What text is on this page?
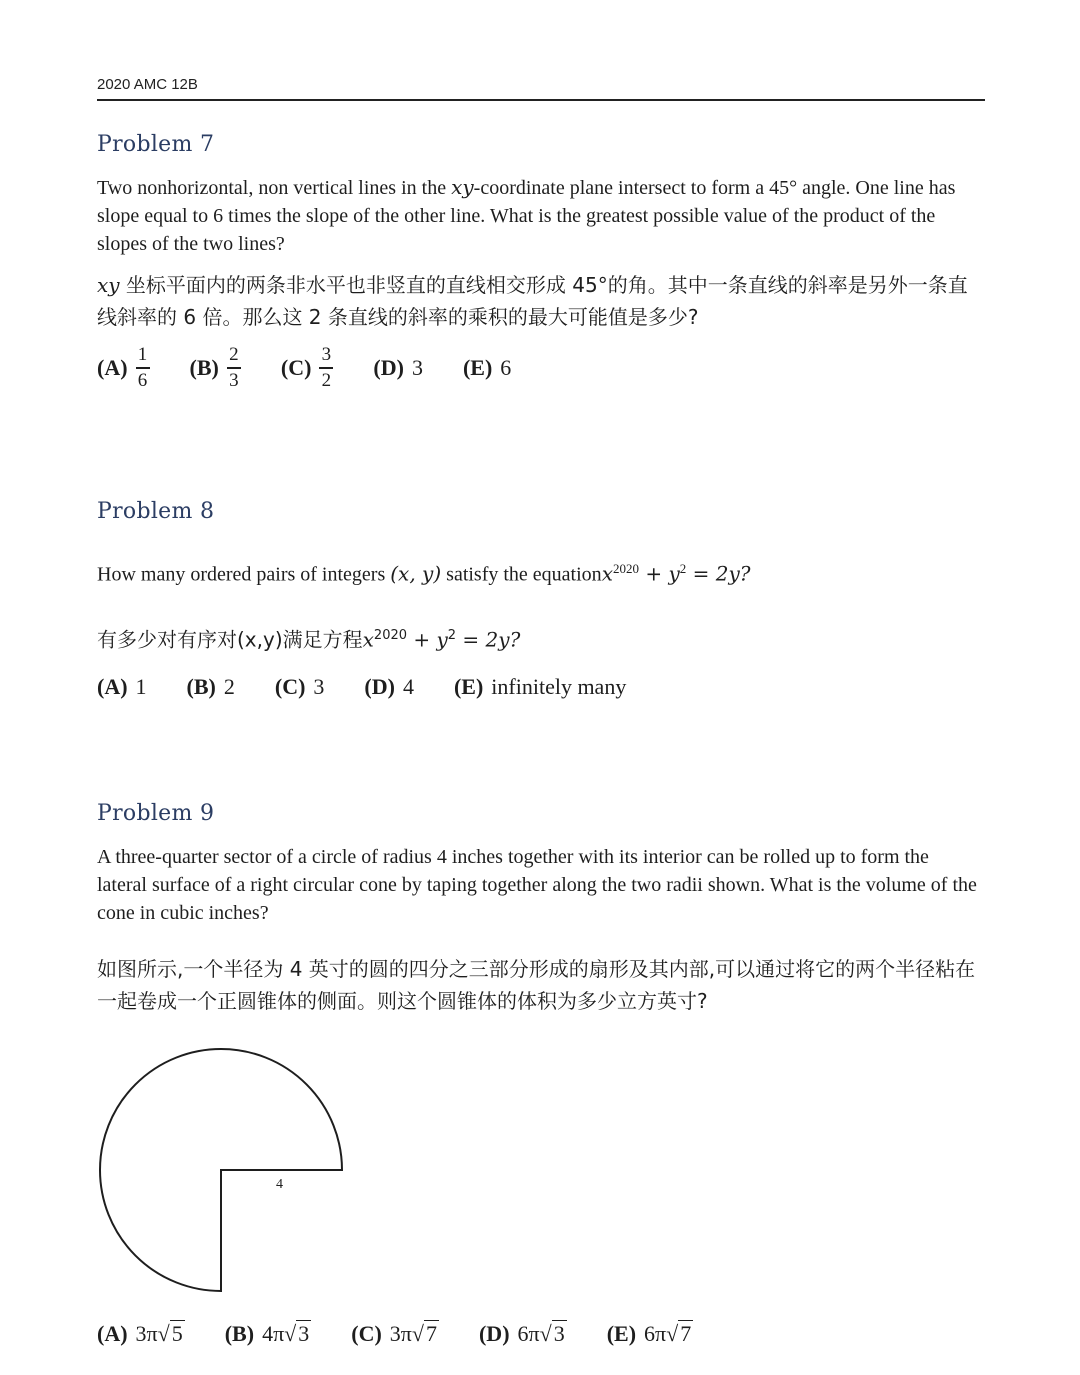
2020 AMC 12B
Problem 7
Two nonhorizontal, non vertical lines in the xy-coordinate plane intersect to form a 45° angle. One line has slope equal to 6 times the slope of the other line. What is the greatest possible value of the product of the slopes of the two lines?
xy 坐标平面内的两条非水平也非竖直的直线相交形成 45°的角。其中一条直线的斜率是另外一条直线斜率的 6 倍。那么这 2 条直线的斜率的乘积的最大可能值是多少?
$(A) \frac{1}{6} (B) \frac{2}{3} (C) \frac{3}{2} (D)$ 3 (E) 6
Problem 8
How many ordered pairs of integers (x, y) satisfy the equationx$^{2020}$ + $y^2 = 2y$?
有多少对有序对(x,y)满足方程$x^{2020} + y^2 = 2y$?
(A) 1 (B) 2 (C) 3 (D) 4 (E) infinitely many
Problem 9
A three-quarter sector of a circle of radius 4 inches together with its interior can be rolled up to form the lateral surface of a right circular cone by taping together along the two radii shown. What is the volume of the cone in cubic inches?
如图所示,一个半径为 4 英寸的圆的四分之三部分形成的扇形及其内部,可以通过将它的两个半径粘在一起卷成一个正圆锥体的侧面。则这个圆锥体的体积为多少立方英寸?
4
(A) 3π √ 5 (B) 4π √ 3 (C) 3π √ 7 (D) 6π √ 3 (E) 6π √ 7
